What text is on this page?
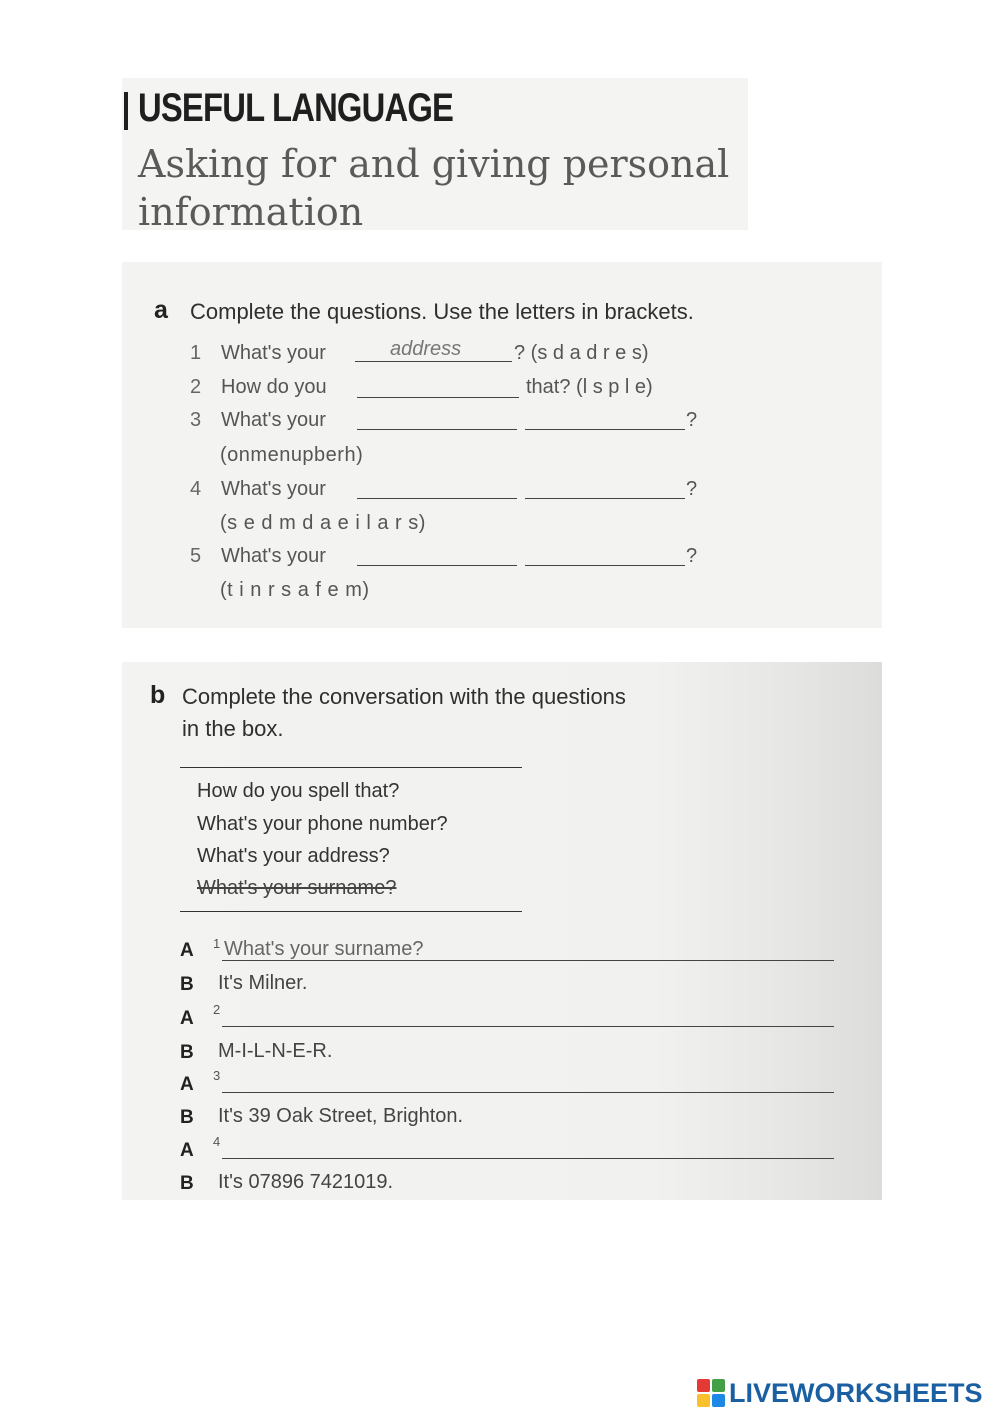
USEFUL LANGUAGE
Asking for and giving personal information
a Complete the questions. Use the letters in brackets.
1 What's your	address	? (s d a d r e s)
2 How do you	that? (l s p l e)
3 What's your	?
(onmenupberh)
4 What's your	?
(s e d m d a e i l a r s)
5 What's your	?
(t i n r s a f e m)
b Complete the conversation with the questions
in the box.
How do you spell that?
What's your phone number?
What's your address?
What's your surname?
A 1 What's your surname?
B It's Milner.
A 2
B M-I-L-N-E-R.
A 3
B It's 39 Oak Street, Brighton.
A 4
B It's 07896 7421019.
LIVEWORKSHEETS
